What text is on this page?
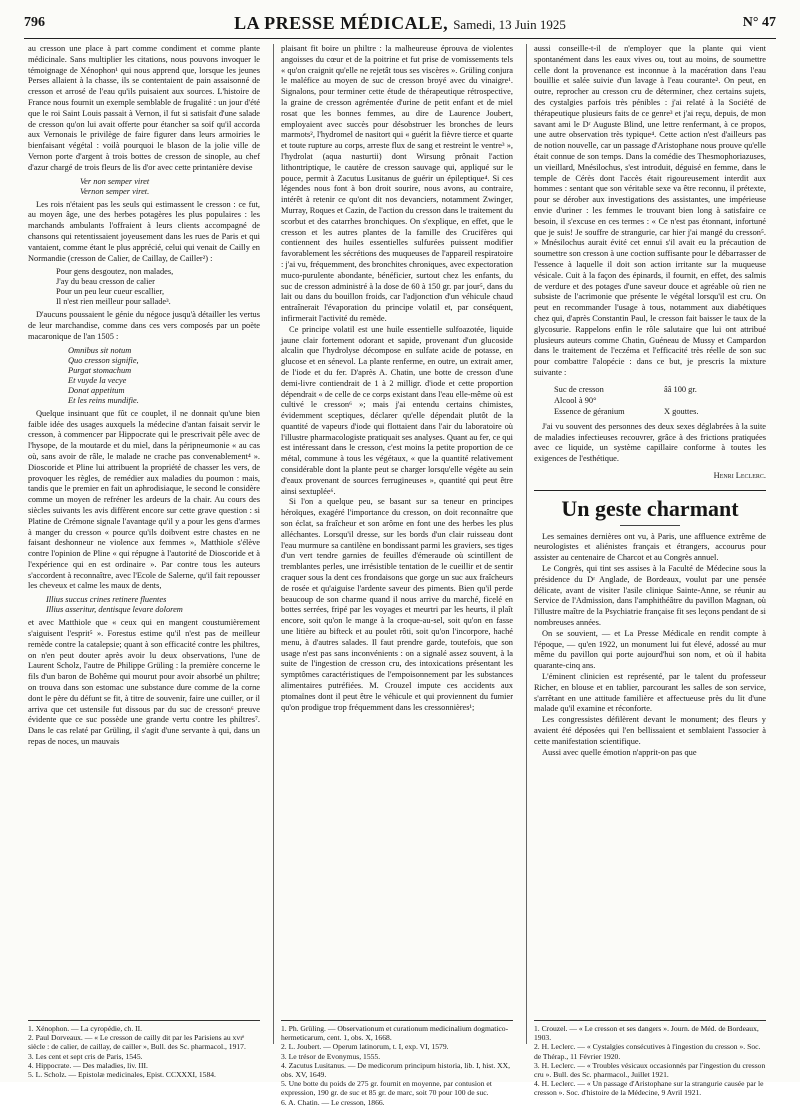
796	LA PRESSE MÉDICALE, Samedi, 13 Juin 1925	N° 47

au cresson une place à part comme condiment et comme plante médicinale. Sans multiplier les citations, nous pouvons invoquer le témoignage de Xénophon¹ qui nous apprend que, lorsque les jeunes Perses allaient à la chasse, ils se contentaient de pain assaisonné de cresson et arrosé de l'eau qu'ils puisaient aux sources. L'histoire de France nous fournit un exemple semblable de frugalité : un jour d'été que le roi Saint Louis passait à Vernon, il fut si satisfait d'une salade de cresson qu'on lui avait offerte pour étancher sa soif qu'il accorda aux Vernonais le privilège de faire figurer dans leurs armoiries le bienfaisant végétal : voilà pourquoi le blason de la jolie ville de Vernon porte d'argent à trois bottes de cresson de sinople, au chef d'azur chargé de trois fleurs de lis d'or avec cette printanière devise

Ver non semper viret
Vernon semper viret.

Les rois n'étaient pas les seuls qui estimassent le cresson : ce fut, au moyen âge, une des herbes potagères les plus populaires : les marchands ambulants l'offraient à leurs clients accompagné de chansons qui retentissaient joyeusement dans les rues de Paris et qui vantaient, comme étant le plus apprécié, celui qui venait de Cailly en Normandie (cresson de Calier, de Caillay, de Cailler²) :

Pour gens desgoutez, non malades,
J'ay du beau cresson de calier
Pour un peu leur cueur escallier,
Il n'est rien meilleur pour sallade³.

D'aucuns poussaient le génie du négoce jusqu'à détailler les vertus de leur marchandise, comme dans ces vers composés par un poète macaronique de l'an 1505 :

Omnibus sit notum
Quo cresson signifie,
Purgat stomachum
Et vuyde la vecye
Donat appetitum
Et les reins mundifie.

Quelque insinuant que fût ce couplet, il ne donnait qu'une bien faible idée des usages auxquels la médecine d'antan faisait servir le cresson, à commencer par Hippocrate qui le prescrivait pêle avec de l'hysope, de la moutarde et du miel, dans la péripneumonie « au cas où, sans avoir de râle, le malade ne crache pas convenablement⁴ ». Dioscoride et Pline lui attribuent la propriété de chasser les vers, de provoquer les règles, de remédier aux maladies du poumon : mais, tandis que le premier en fait un aphrodisiaque, le second le considère comme un moyen de refréner les ardeurs de la chair. Au cours des siècles suivants les avis diffèrent encore sur cette grave question : si Platine de Crémone signale l'avantage qu'il y a pour les gens d'armes à manger du cresson « pource qu'ils doibvent estre chastes en ne faisant deshonneur ne violence aux femmes », Matthiole s'élève contre l'opinion de Pline « qui répugne à l'autorité de Dioscoride et à l'expérience qui en est ordinaire ». Par contre tous les auteurs s'accordent à reconnaître, avec l'Ecole de Salerne, qu'il fait repousser les cheveux et calme les maux de dents,

Illius succus crines retinere fluentes
Illius asseritur, dentisque levare dolorem

et avec Matthiole que « ceux qui en mangent coustumièrement s'aiguisent l'esprit⁵ ». Forestus estime qu'il n'est pas de meilleur remède contre la catalepsie; quant à son efficacité contre les philtres, on n'en peut douter après avoir lu deux observations, l'une de Laurent Scholz, l'autre de Philippe Grüling : la première concerne le fils d'un baron de Bohême qui mourut pour avoir absorbé un philtre; on trouva dans son estomac une substance dure comme de la corne dont le père du défunt se fit, à titre de souvenir, faire une cuiller, or il arriva que cet ustensile fut dissous par du suc de cresson⁶ preuve évidente que ce suc possède une grande vertu contre les philtres⁷. Dans le cas relaté par Grüling, il s'agit d'une servante à qui, dans un repas de noces, un mauvais

plaisant fit boire un philtre : la malheureuse éprouva de violentes angoisses du cœur et de la poitrine et fut prise de vomissements tels « qu'on craignit qu'elle ne rejetât tous ses viscères ». Grüling conjura le maléfice au moyen de suc de cresson broyé avec du vinaigre¹. Signalons, pour terminer cette étude de thérapeutique rétrospective, la graine de cresson agrémentée d'urine de petit enfant et de miel rosat que les bonnes femmes, au dire de Laurence Joubert, employaient avec succès pour désobstruer les bronches de leurs marmots², l'hydromel de nasitort qui « guérit la fièvre tierce et quarte et toute rupture au corps, arreste flux de sang et restreint le ventre³ », l'hydrolat (aqua nasturtii) dont Wirsung prônait l'action lithontriptique, le cautère de cresson sauvage qui, appliqué sur le pouce, permit à Zacutus Lusitanus de guérir un épileptique⁴. Si ces légendes nous font à bon droit sourire, nous avons, au contraire, intérêt à retenir ce qu'ont dit nos devanciers, notamment Zwinger, Murray, Roques et Cazin, de l'action du cresson dans le traitement du scorbut et des catarrhes bronchiques. On s'explique, en effet, que le cresson et les autres plantes de la famille des Crucifères qui contiennent des huiles essentielles sulfurées puissent modifier favorablement les sécrétions des muqueuses de l'appareil respiratoire : j'ai vu, fréquemment, des bronchites chroniques, avec expectoration muco-purulente abondante, bénéficier, surtout chez les enfants, du suc de cresson administré à la dose de 60 à 150 gr. par jour⁵, dans du lait ou dans du bouillon froids, car l'adjonction d'un véhicule chaud entraînerait l'évaporation du principe volatil et, par conséquent, infirmerait l'activité du remède.

Ce principe volatil est une huile essentielle sulfoazotée, liquide jaune clair fortement odorant et sapide, provenant d'un glucoside alcalin que l'hydrolyse décompose en sulfate acide de potasse, en glucose et en sénevol. La plante renferme, en outre, un extrait amer, de l'iode et du fer. D'après A. Chatin, une botte de cresson d'une demi-livre contiendrait de 1 à 2 milligr. d'iode et cette proportion dépendrait « de celle de ce corps existant dans l'eau elle-même où est cultivé le cresson⁶ »; mais j'ai entendu certains chimistes, évidemment sceptiques, déclarer qu'elle dépendait plutôt de la quantité de vapeurs d'iode qui flottaient dans l'air du laboratoire où l'illustre pharmacologiste pratiquait ses analyses. Quant au fer, ce qui est intéressant dans le cresson, c'est moins la petite proportion de ce métal, commune à tous les végétaux, « que la quantité relativement considérable dont la plante peut se charger lorsqu'elle végète au sein d'eaux provenant de sources ferrugineuses », quantité qui peut être ainsi sextuplée⁶.

Si l'on a quelque peu, se basant sur sa teneur en principes héroïques, exagéré l'importance du cresson, on doit reconnaître que son éclat, sa fraîcheur et son arôme en font une des herbes les plus alléchantes. Lorsqu'il dresse, sur les bords d'un clair ruisseau dont l'eau murmure sa cantilène en bondissant parmi les graviers, ses tiges d'un vert tendre garnies de feuilles d'émeraude où scintillent de tremblantes perles, une irrésistible tentation de le cueillir et de sentir craquer sous la dent ces frondaisons que gorge un suc aux fraîcheurs de rosée et qu'aiguise l'ardente saveur des piments. Bien qu'il perde beaucoup de son charme quand il nous arrive du marché, ficelé en bottes serrées, fripé par les voyages et meurtri par les heurts, il plaît encore, soit qu'on le mange à la croque-au-sel, soit qu'on en fasse une litière au bifteck et au poulet rôti, soit qu'on l'incorpore, haché menu, à d'autres salades. Il faut prendre garde, toutefois, que son usage n'est pas sans inconvénients : on a signalé assez souvent, à la suite de l'ingestion de cresson cru, des intoxications présentant les symptômes caractéristiques de l'empoisonnement par les substances alimentaires putréfiées. M. Crouzel impute ces accidents aux ptomaïnes dont il peut être le véhicule et qui proviennent du fumier qu'on prodigue trop fréquemment dans les cressonnières¹;

aussi conseille-t-il de n'employer que la plante qui vient spontanément dans les eaux vives ou, tout au moins, de soumettre celle dont la provenance est inconnue à la macération dans l'eau bouillie et salée suivie d'un lavage à l'eau courante². On peut, en outre, reprocher au cresson cru de déterminer, chez certains sujets, des cystalgies parfois très pénibles : j'ai relaté à la Société de thérapeutique plusieurs faits de ce genre³ et j'ai reçu, depuis, de mon savant ami le Dʳ Auguste Blind, une lettre renfermant, à ce propos, une autre observation très typique⁴. Cette action n'est d'ailleurs pas de notion nouvelle, car un passage d'Aristophane nous prouve qu'elle était connue de son temps. Dans la comédie des Thesmophoriazuses, un vieillard, Mnésilochus, s'est introduit, déguisé en femme, dans le temple de Cérès dont l'accès était rigoureusement interdit aux hommes : sentant que son véritable sexe va être reconnu, il prétexte, pour se dérober aux investigations des assistantes, une impérieuse envie d'uriner : les femmes le trouvant bien long à satisfaire ce besoin, il s'excuse en ces termes : « Ce n'est pas étonnant, infortuné que je suis! Je souffre de strangurie, car hier j'ai mangé du cresson⁵. » Mnésilochus aurait évité cet ennui s'il avait eu la précaution de soumettre son cresson à une coction suffisante pour le débarrasser de l'essence à laquelle il doit son action irritante sur la muqueuse vésicale. Cuit à la façon des épinards, il fournit, en effet, des salmis de verdure et des potages d'une saveur douce et agréable où rien ne subsiste de l'acrimonie que présente le végétal lorsqu'il est cru. On peut en recommander l'usage à tous, notamment aux diabétiques chez qui, d'après Constantin Paul, le cresson fait baisser le taux de la glycosurie. Rappelons enfin le rôle salutaire que lui ont attribué plusieurs auteurs comme Chatin, Guéneau de Mussy et Campardon dans le traitement de l'eczéma et l'efficacité très réelle de son suc pour combattre l'alopécie : dans ce but, je prescris la mixture suivante :

Suc de cresson	ââ 100 gr.
Alcool à 90°
Essence de géranium	X gouttes.

J'ai vu souvent des personnes des deux sexes déglabrées à la suite de maladies infectieuses recouvrer, grâce à des frictions pratiquées avec ce liquide, un système capillaire conforme à toutes les exigences de l'esthétique.

Henri Leclerc.
Un geste charmant

Les semaines dernières ont vu, à Paris, une affluence extrême de neurologistes et aliénistes français et étrangers, accourus pour assister au centenaire de Charcot et au Congrès annuel.

Le Congrès, qui tint ses assises à la Faculté de Médecine sous la présidence du Dʳ Anglade, de Bordeaux, voulut par une pensée délicate, avant de visiter l'asile clinique Sainte-Anne, se réunir au Service de l'Admission, dans l'amphithéâtre du pavillon Magnan, où l'illustre maître de la Psychiatrie française fit ses leçons pendant de si nombreuses années.

On se souvient, — et La Presse Médicale en rendit compte à l'époque, — qu'en 1922, un monument lui fut élevé, adossé au mur même du pavillon qui porte aujourd'hui son nom, et où il habita quarante-cinq ans.

L'éminent clinicien est représenté, par le talent du professeur Richer, en blouse et en tablier, parcourant les salles de son service, s'arrêtant en une attitude familière et affectueuse près du lit d'une malade qu'il examine et réconforte.

Les congressistes défilèrent devant le monument; des fleurs y avaient été déposées qui l'en bellissaient et semblaient l'associer à cette manifestation scientifique.

Aussi avec quelle émotion n'apprit-on pas que

1. Xénophon. — La cyropédie, ch. II.
2. Paul Dorveaux. — « Le cresson de cailly dit par les Parisiens au xvıᵉ siècle : de calier, de caillay, de cailler », Bull. des Sc. pharmacol., 1917.
3. Les cent et sept cris de Paris, 1545.
4. Hippocrate. — Des maladies, liv. III.
5. L. Scholz. — Epistolæ medicinales, Epist. CCXXXI, 1584.
1. Ph. Grüling. — Observationum et curationum medicinalium dogmatico-hermeticarum, cent. 1, obs. X, 1668.
2. L. Joubert. — Operum latinorum, t. I, exp. VI, 1579.
3. Le trésor de Evonymus, 1555.
4. Zacutus Lusitanus. — De medicorum principum historia, lib. I, hist. XX, obs. XV, 1649.
5. Une botte du poids de 275 gr. fournit en moyenne, par contusion et expression, 190 gr. de suc et 85 gr. de marc, soit 70 pour 100 de suc.
6. A. Chatin. — Le cresson, 1866.
1. Crouzel. — « Le cresson et ses dangers ». Journ. de Méd. de Bordeaux, 1903.
2. H. Leclerc. — « Cystalgies consécutives à l'ingestion du cresson ». Soc. de Thérap., 11 Février 1920.
3. H. Leclerc. — « Troubles vésicaux occasionnés par l'ingestion du cresson cru ». Bull. des Sc. pharmacol., Juillet 1921.
4. H. Leclerc. — « Un passage d'Aristophane sur la strangurie causée par le cresson ». Soc. d'histoire de la Médecine, 9 Avril 1921.
